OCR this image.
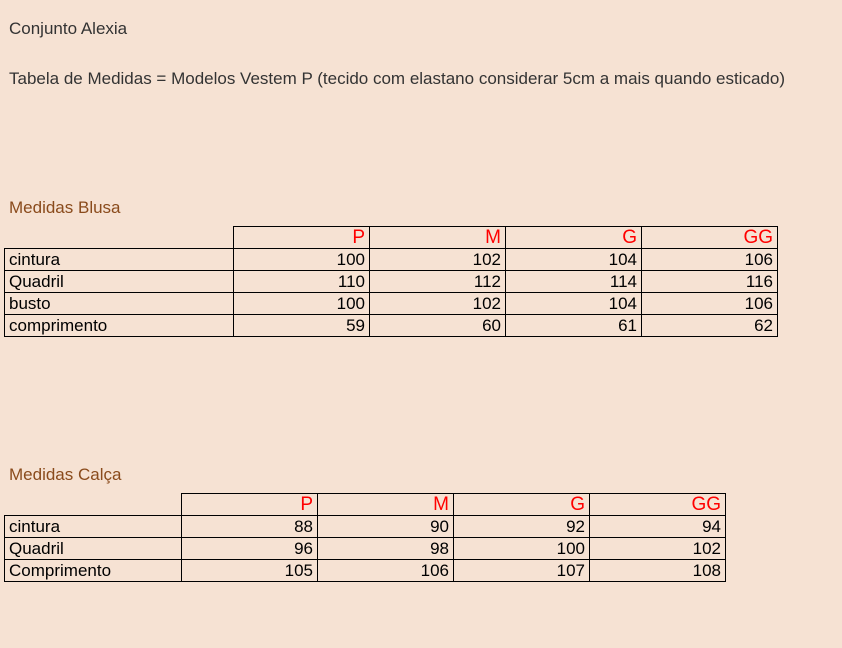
Conjunto Alexia
Tabela de Medidas = Modelos Vestem P (tecido com elastano considerar 5cm a mais quando esticado)
Medidas Blusa
	P	M	G	GG
cintura	100	102	104	106
Quadril	110	112	114	116
busto	100	102	104	106
comprimento	59	60	61	62
Medidas Calça
	P	M	G	GG
cintura	88	90	92	94
Quadril	96	98	100	102
Comprimento	105	106	107	108
